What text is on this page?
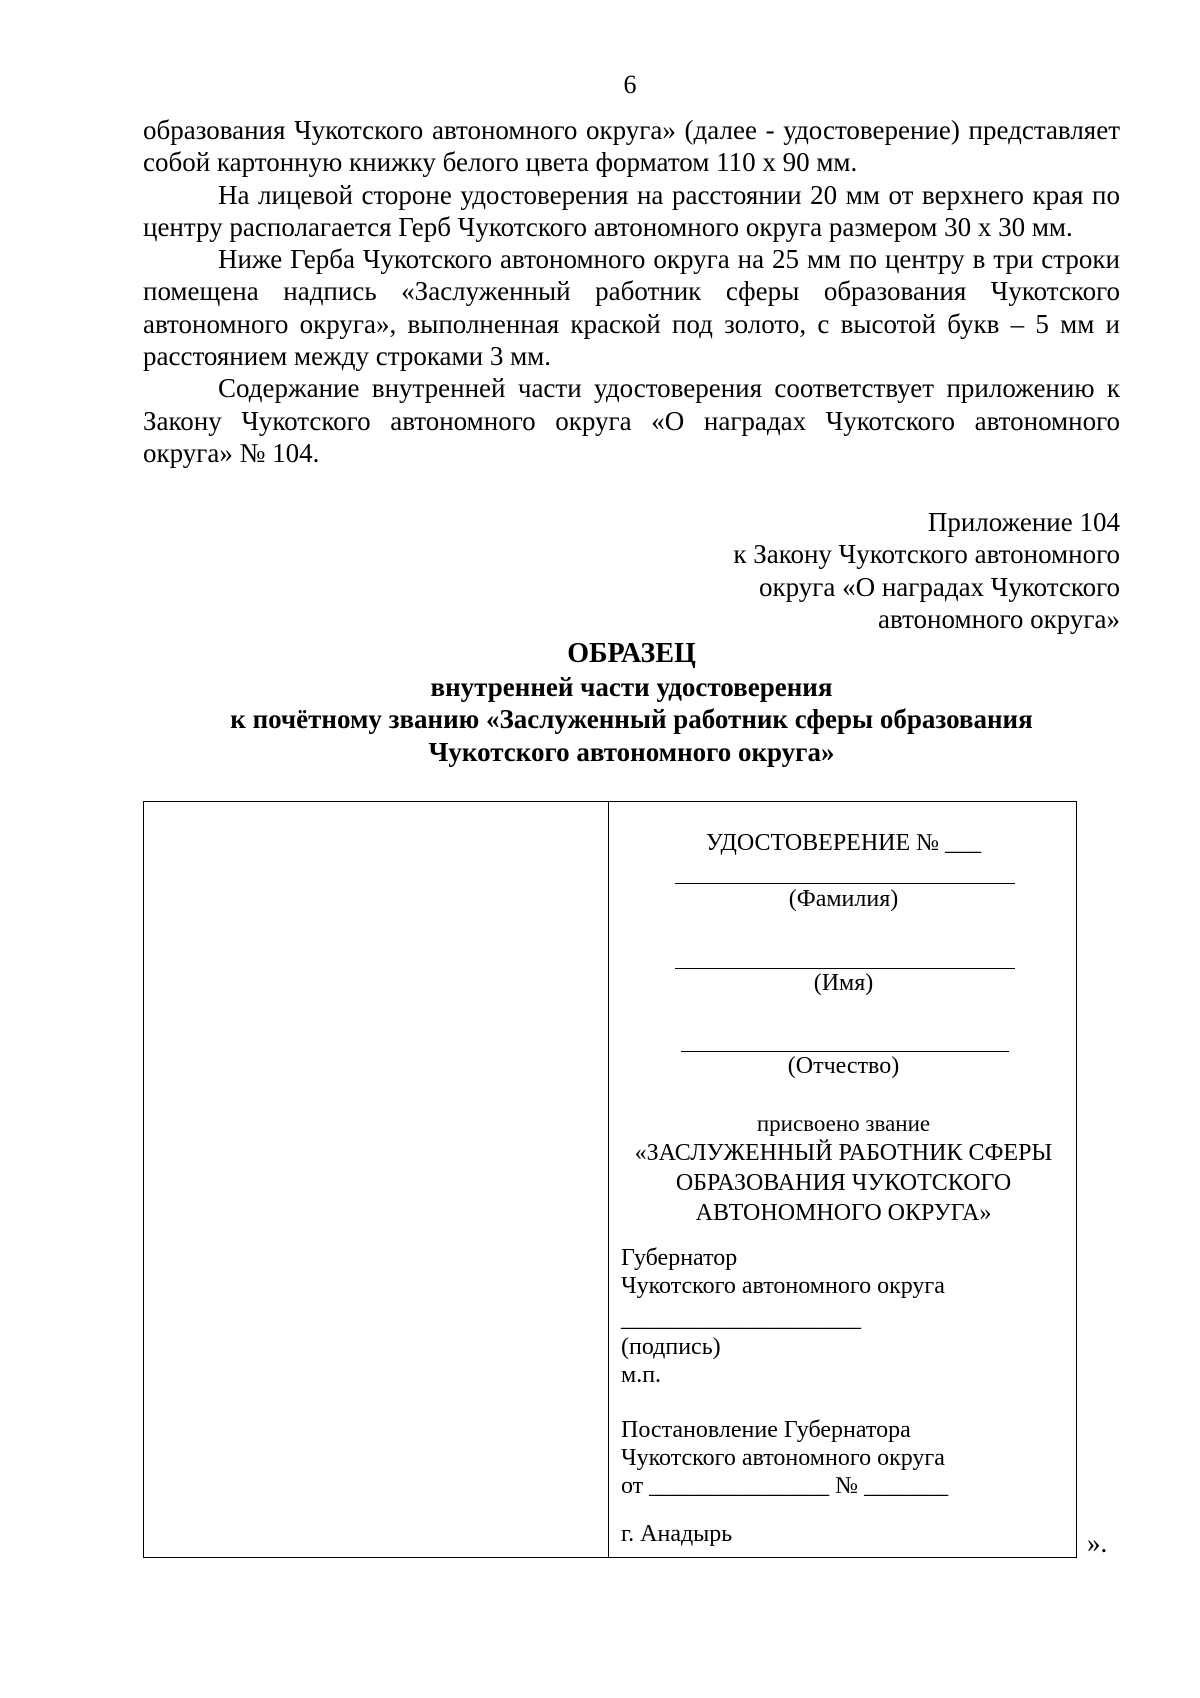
6

образования Чукотского автономного округа» (далее - удостоверение) представляет собой картонную книжку белого цвета форматом 110 х 90 мм.

На лицевой стороне удостоверения на расстоянии 20 мм от верхнего края по центру располагается Герб Чукотского автономного округа размером 30 х 30 мм.

Ниже Герба Чукотского автономного округа на 25 мм по центру в три строки помещена надпись «Заслуженный работник сферы образования Чукотского автономного округа», выполненная краской под золото, с высотой букв – 5 мм и расстоянием между строками 3 мм.

Содержание внутренней части удостоверения соответствует приложению к Закону Чукотского автономного округа «О наградах Чукотского автономного округа» № 104.

Приложение 104
к Закону Чукотского автономного
округа «О наградах Чукотского
автономного округа»
ОБРАЗЕЦ
внутренней части удостоверения
к почётному званию «Заслуженный работник сферы образования
Чукотского автономного округа»
УДОСТОВЕРЕНИЕ № ___
(Фамилия)
(Имя)
(Отчество)
присвоено звание
«ЗАСЛУЖЕННЫЙ РАБОТНИК СФЕРЫ
ОБРАЗОВАНИЯ ЧУКОТСКОГО
АВТОНОМНОГО ОКРУГА»
Губернатор
Чукотского автономного округа
____________________
(подпись)
м.п.
Постановление Губернатора
Чукотского автономного округа
от _______________ № _______
г. Анадырь	».
